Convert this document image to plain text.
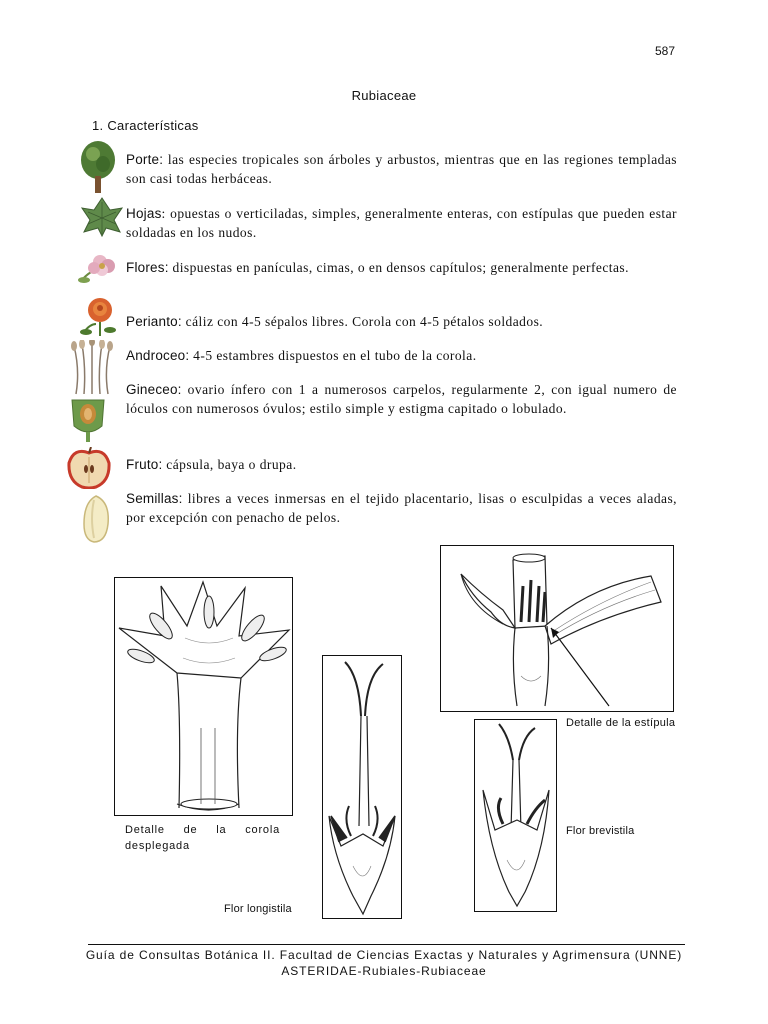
587
Rubiaceae
1. Características
Porte: las especies tropicales son árboles y arbustos, mientras que en las regiones templadas son casi todas herbáceas.
Hojas: opuestas o verticiladas, simples, generalmente enteras, con estípulas que pueden estar soldadas en los nudos.
Flores: dispuestas en panículas, cimas, o en densos capítulos; generalmente perfectas.
Perianto: cáliz con 4-5 sépalos libres. Corola con 4-5 pétalos soldados.
Androceo: 4-5 estambres dispuestos en el tubo de la corola.
Gineceo: ovario ínfero con 1 a numerosos carpelos, regularmente 2, con igual numero de lóculos con numerosos óvulos; estilo simple y estigma capitado o lobulado.
Fruto: cápsula, baya o drupa.
Semillas: libres a veces inmersas en el tejido placentario, lisas o esculpidas a veces aladas, por excepción con penacho de pelos.
Detalle de la corola desplegada
Flor longistila
Detalle de la estípula
Flor brevistila
Guía de Consultas Botánica II. Facultad de Ciencias Exactas y Naturales y Agrimensura (UNNE)
ASTERIDAE-Rubiales-Rubiaceae
